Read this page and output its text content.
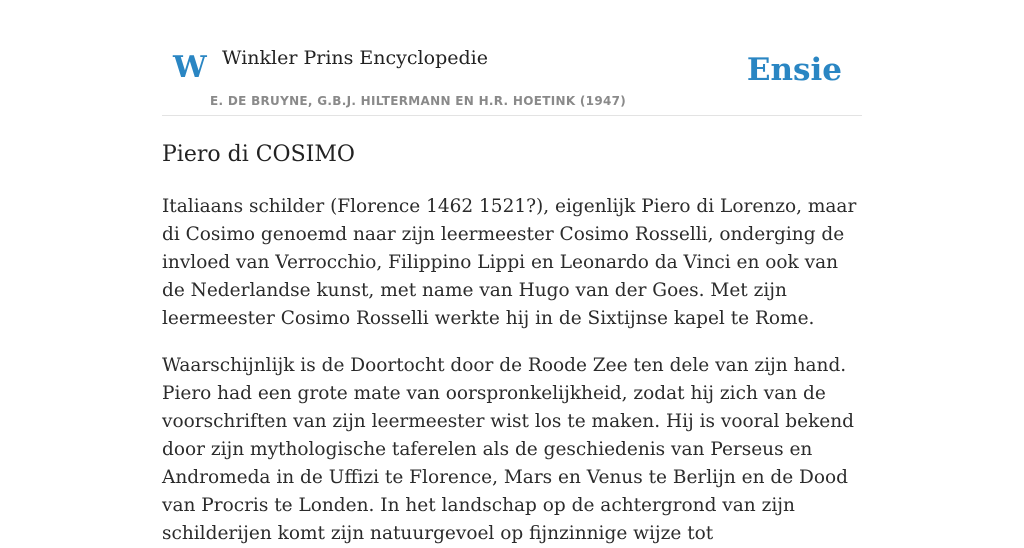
W Winkler Prins Encyclopedie
E. DE BRUYNE, G.B.J. HILTERMANN EN H.R. HOETINK (1947)
Ensie
Piero di COSIMO

Italiaans schilder (Florence 1462 1521?), eigenlijk Piero di Lorenzo, maar di Cosimo genoemd naar zijn leermeester Cosimo Rosselli, onderging de invloed van Verrocchio, Filippino Lippi en Leonardo da Vinci en ook van de Nederlandse kunst, met name van Hugo van der Goes. Met zijn leermeester Cosimo Rosselli werkte hij in de Sixtijnse kapel te Rome.

Waarschijnlijk is de Doortocht door de Roode Zee ten dele van zijn hand. Piero had een grote mate van oorspronkelijkheid, zodat hij zich van de voorschriften van zijn leermeester wist los te maken. Hij is vooral bekend door zijn mythologische taferelen als de geschiedenis van Perseus en Andromeda in de Uffizi te Florence, Mars en Venus te Berlijn en de Dood van Procris te Londen. In het landschap op de achtergrond van zijn schilderijen komt zijn natuurgevoel op fijnzinnige wijze tot
